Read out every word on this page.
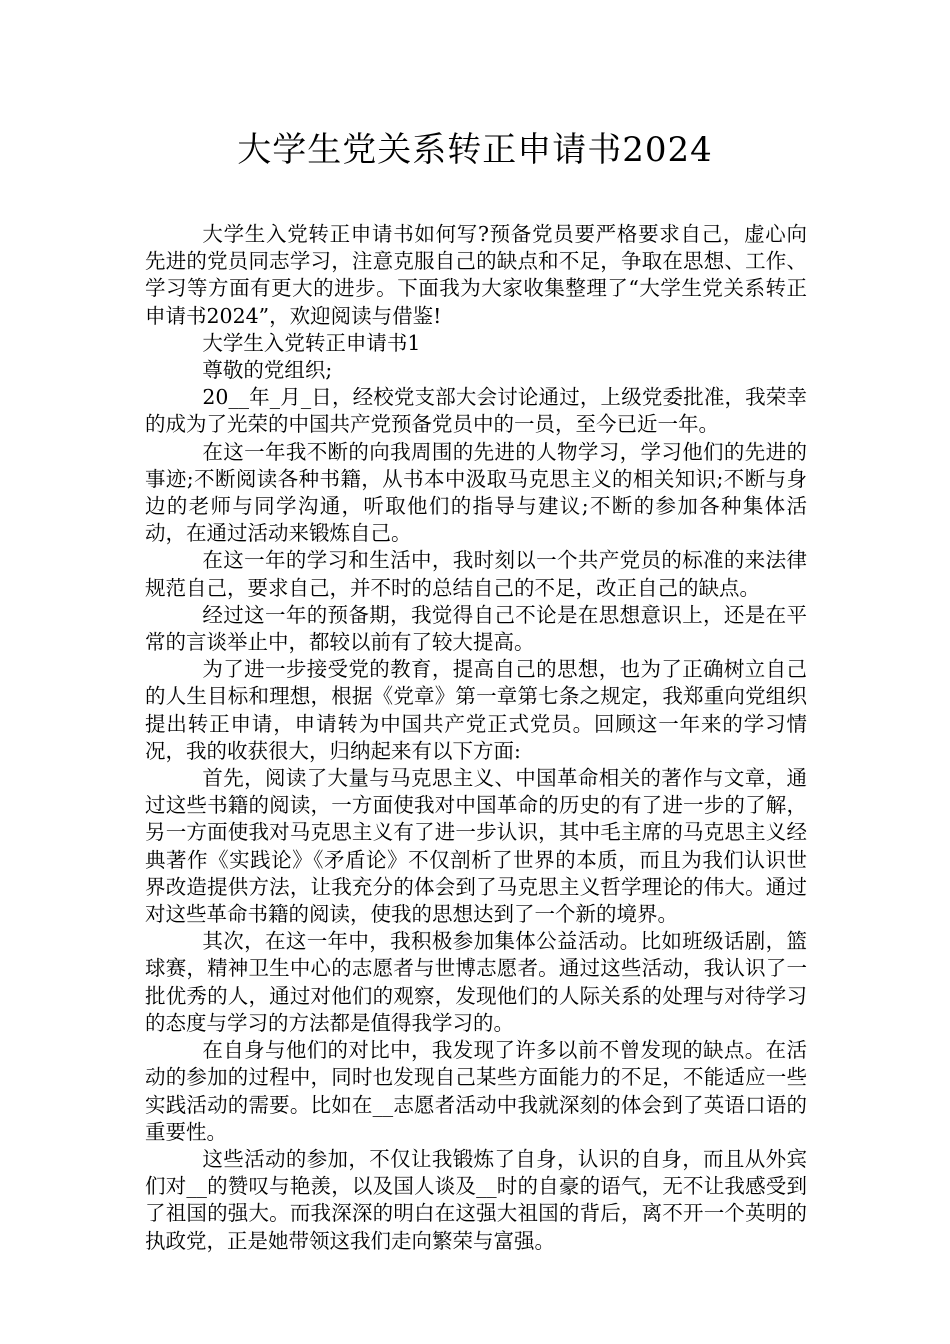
大学生党关系转正申请书2024

大学生入党转正申请书如何写?预备党员要严格要求自己，虚心向先进的党员同志学习，注意克服自己的缺点和不足，争取在思想、工作、学习等方面有更大的进步。下面我为大家收集整理了“大学生党关系转正申请书2024”，欢迎阅读与借鉴!

大学生入党转正申请书1

尊敬的党组织;

20__年_月_日，经校党支部大会讨论通过，上级党委批准，我荣幸的成为了光荣的中国共产党预备党员中的一员，至今已近一年。

在这一年我不断的向我周围的先进的人物学习，学习他们的先进的事迹;不断阅读各种书籍，从书本中汲取马克思主义的相关知识;不断与身边的老师与同学沟通，听取他们的指导与建议;不断的参加各种集体活动，在通过活动来锻炼自己。

在这一年的学习和生活中，我时刻以一个共产党员的标准的来法律规范自己，要求自己，并不时的总结自己的不足，改正自己的缺点。

经过这一年的预备期，我觉得自己不论是在思想意识上，还是在平常的言谈举止中，都较以前有了较大提高。

为了进一步接受党的教育，提高自己的思想，也为了正确树立自己的人生目标和理想，根据《党章》第一章第七条之规定，我郑重向党组织提出转正申请，申请转为中国共产党正式党员。回顾这一年来的学习情况，我的收获很大，归纳起来有以下方面:

首先，阅读了大量与马克思主义、中国革命相关的著作与文章，通过这些书籍的阅读，一方面使我对中国革命的历史的有了进一步的了解，另一方面使我对马克思主义有了进一步认识，其中毛主席的马克思主义经典著作《实践论》《矛盾论》不仅剖析了世界的本质，而且为我们认识世界改造提供方法，让我充分的体会到了马克思主义哲学理论的伟大。通过对这些革命书籍的阅读，使我的思想达到了一个新的境界。

其次，在这一年中，我积极参加集体公益活动。比如班级话剧，篮球赛，精神卫生中心的志愿者与世博志愿者。通过这些活动，我认识了一批优秀的人，通过对他们的观察，发现他们的人际关系的处理与对待学习的态度与学习的方法都是值得我学习的。

在自身与他们的对比中，我发现了许多以前不曾发现的缺点。在活动的参加的过程中，同时也发现自己某些方面能力的不足，不能适应一些实践活动的需要。比如在__志愿者活动中我就深刻的体会到了英语口语的重要性。

这些活动的参加，不仅让我锻炼了自身，认识的自身，而且从外宾们对__的赞叹与艳羡，以及国人谈及__时的自豪的语气，无不让我感受到了祖国的强大。而我深深的明白在这强大祖国的背后，离不开一个英明的执政党，正是她带领这我们走向繁荣与富强。
